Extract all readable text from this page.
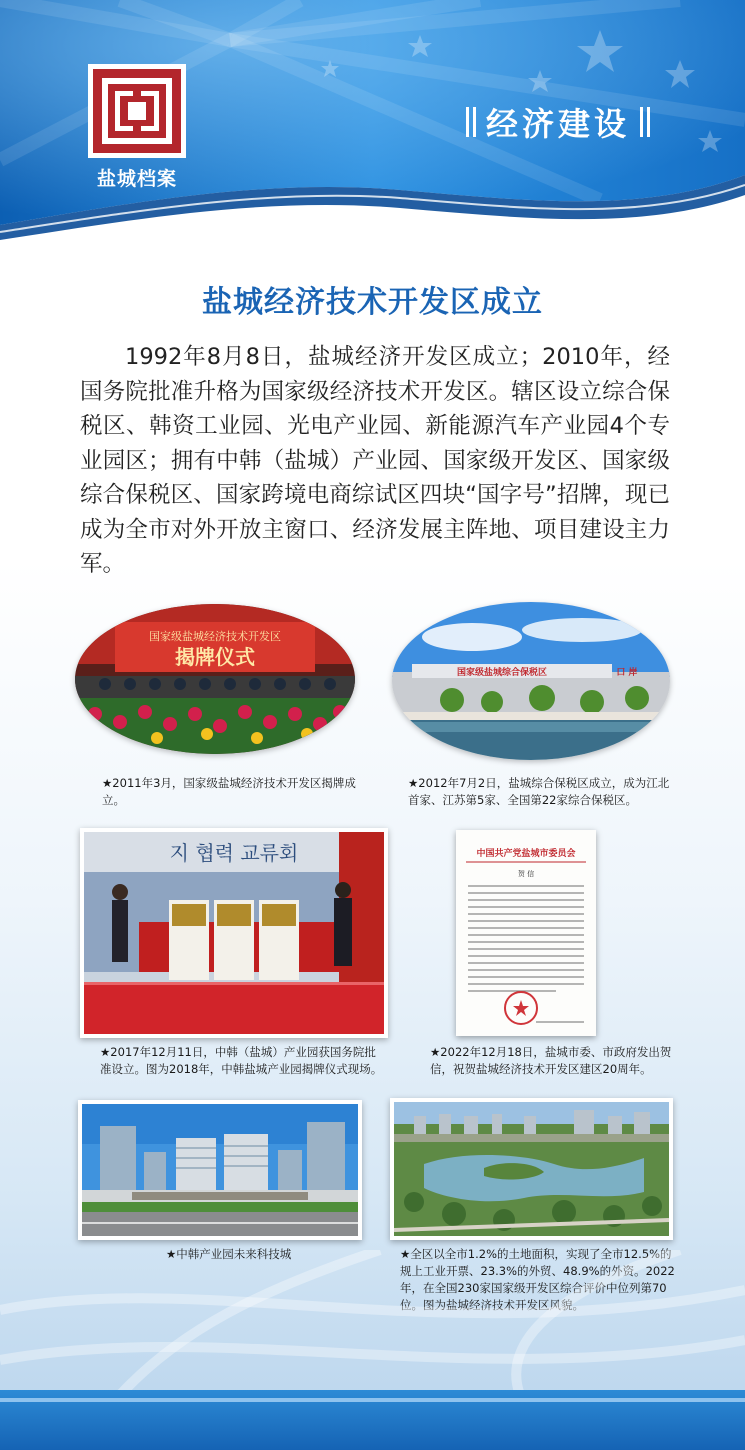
盐城档案
经济建设
盐城经济技术开发区成立

1992年8月8日，盐城经济开发区成立；2010年，经国务院批准升格为国家级经济技术开发区。辖区设立综合保税区、韩资工业园、光电产业园、新能源汽车产业园4个专业园区；拥有中韩（盐城）产业园、国家级开发区、国家级综合保税区、国家跨境电商综试区四块“国字号”招牌，现已成为全市对外开放主窗口、经济发展主阵地、项目建设主力军。

国家级盐城经济技术开发区
揭牌仪式

★2011年3月，国家级盐城经济技术开发区揭牌成立。

国家级盐城综合保税区	口 岸

★2012年7月2日，盐城综合保税区成立，成为江北首家、江苏第5家、全国第22家综合保税区。

지 협력 교류회

★2017年12月11日，中韩（盐城）产业园获国务院批准设立。图为2018年，中韩盐城产业园揭牌仪式现场。

中国共产党盐城市委员会
贺 信

★2022年12月18日，盐城市委、市政府发出贺信，祝贺盐城经济技术开发区建区20周年。

★中韩产业园未来科技城	★全区以全市1.2%的土地面积，实现了全市12.5%的规上工业开票、23.3%的外贸、48.9%的外资。2022年，在全国230家国家级开发区综合评价中位列第70位。图为盐城经济技术开发区风貌。
